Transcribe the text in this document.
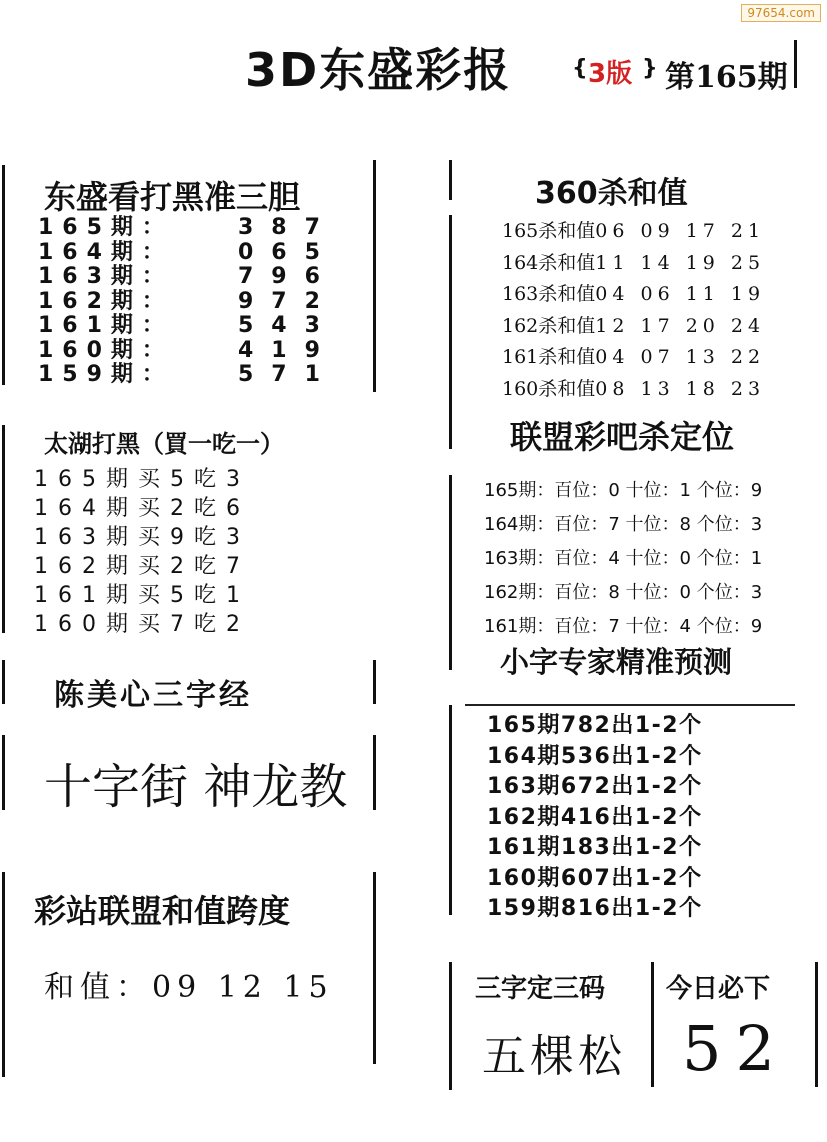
97654.com
3D东盛彩报	{ 3版 } 第165期
东盛看打黑准三胆
165期：	387
164期：	065
163期：	796
162期：	972
161期：	543
160期：	419
159期：	571
太湖打黑（買一吃一）
165期买5吃3
164期买2吃6
163期买9吃3
162期买2吃7
161期买5吃1
160期买7吃2
陈美心三字经
十字街 神龙教
彩站联盟和值跨度
和值：09 12 15
360杀和值
165杀和值06 09 17 21
164杀和值11 14 19 25
163杀和值04 06 11 19
162杀和值12 17 20 24
161杀和值04 07 13 22
160杀和值08 13 18 23
联盟彩吧杀定位
165期：百位：0 十位：1 个位：9
164期：百位：7 十位：8 个位：3
163期：百位：4 十位：0 个位：1
162期：百位：8 十位：0 个位：3
161期：百位：7 十位：4 个位：9
小字专家精准预测
165期782出1-2个
164期536出1-2个
163期672出1-2个
162期416出1-2个
161期183出1-2个
160期607出1-2个
159期816出1-2个
三字定三码
五棵松
今日必下
52
